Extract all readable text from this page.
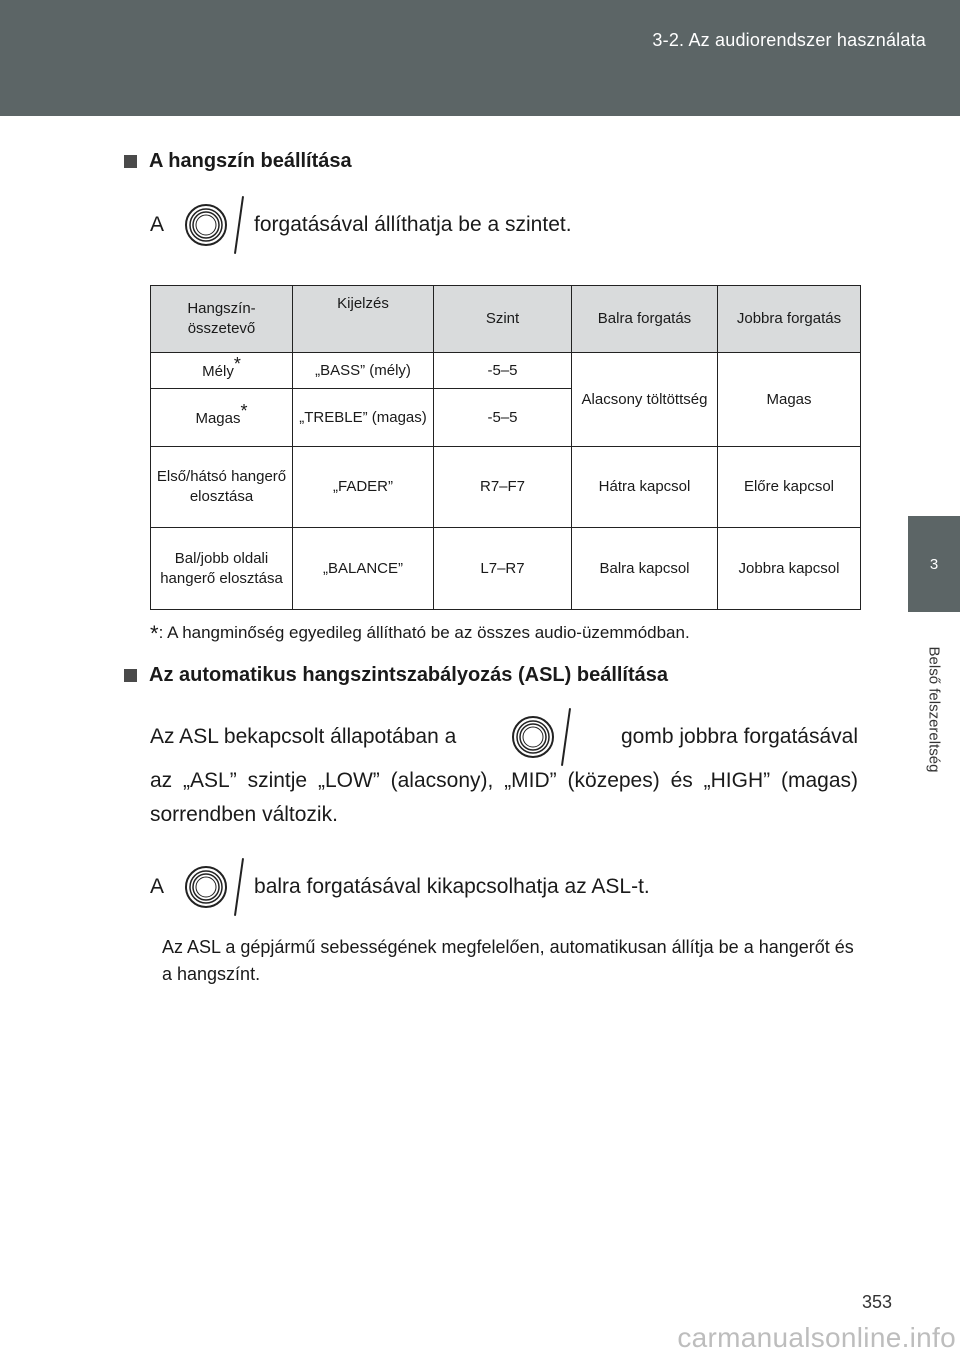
3-2. Az audiorendszer használata
3
Belső felszereltség
A hangszín beállítása
A	forgatásával állíthatja be a szintet.
Hangszín-összetevő	Kijelzés	Szint	Balra forgatás	Jobbra forgatás
Mély*	„BASS” (mély)	-5–5	Alacsony töltöttség	Magas
Magas*	„TREBLE” (magas)	-5–5		
Első/hátsó hangerő elosztása	„FADER”	R7–F7	Hátra kapcsol	Előre kapcsol
Bal/jobb oldali hangerő elosztása	„BALANCE”	L7–R7	Balra kapcsol	Jobbra kapcsol
*: A hangminőség egyedileg állítható be az összes audio-üzemmódban.
Az automatikus hangszintszabályozás (ASL) beállítása
Az ASL bekapcsolt állapotában a	gomb jobbra forgatásával
az „ASL” szintje „LOW” (alacsony), „MID” (közepes) és „HIGH” (magas) sorrendben változik.
A	balra forgatásával kikapcsolhatja az ASL-t.
Az ASL a gépjármű sebességének megfelelően, automatikusan állítja be a hangerőt és a hangszínt.
353
carmanualsonline.info
